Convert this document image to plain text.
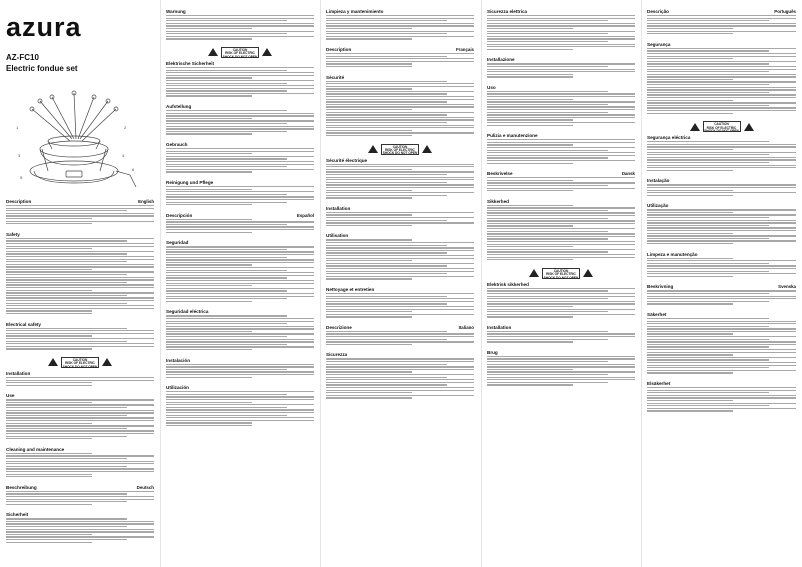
azura
AZ-FC10
Electric fondue set
1	2
3	4
5
6
Description	English
Safety
Electrical safety
CAUTION
RISK OF ELECTRIC SHOCK DO NOT OPEN
Installation
Use
Cleaning and maintenance
Beschreibung	Deutsch
Sicherheit
Warnung
CAUTION
RISK OF ELECTRIC SHOCK DO NOT OPEN
Elektrische Sicherheit
Aufstellung
Gebrauch
Reinigung und Pflege
Descripción	Español
Seguridad
Seguridad eléctrica
Instalación
Utilización
Limpieza y mantenimiento
Description	Français
Sécurité
CAUTION
RISK OF ELECTRIC SHOCK DO NOT OPEN
Sécurité électrique
Installation
Utilisation
Nettoyage et entretien
Descrizione	Italiano
Sicurezza
Sicurezza elettrica
Installazione
Uso
Pulizia e manutenzione
Beskrivelse	Dansk
Sikkerhed
CAUTION
RISK OF ELECTRIC SHOCK DO NOT OPEN
Elektrisk sikkerhed
Installation
Brug
Descrição	Português
Segurança
CAUTION
RISK OF ELECTRIC SHOCK DO NOT OPEN
Segurança eléctrica
Instalação
Utilização
Limpeza e manutenção
Beskrivning	Svenska
Säkerhet
Elsäkerhet
